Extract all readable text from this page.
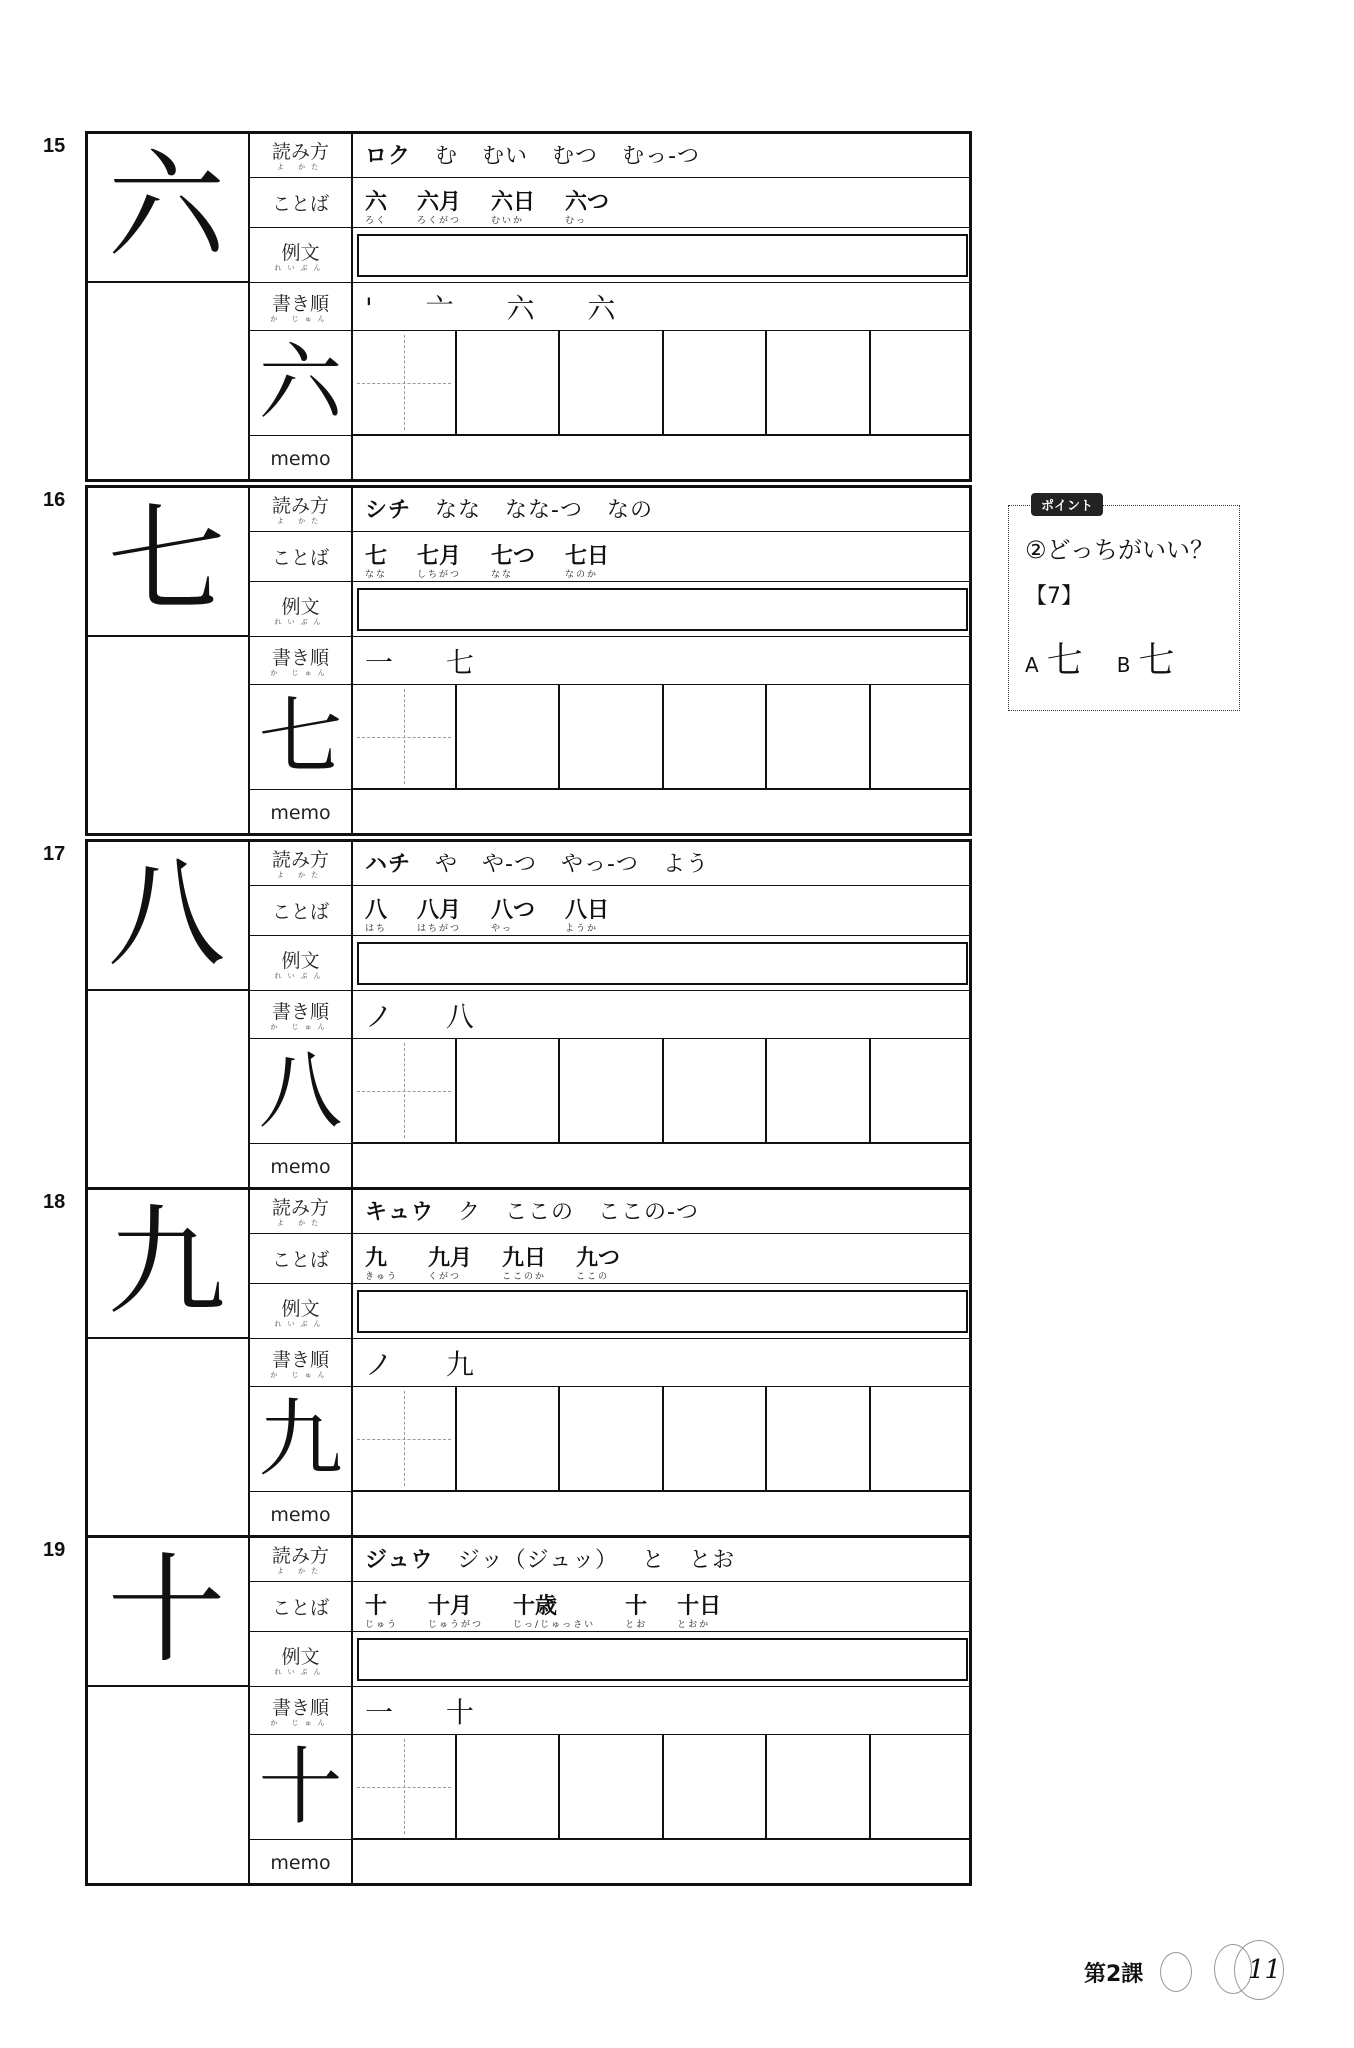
15 六 読み方
よ かた
ことば
例文
れいぶん
書き順
か じゅん
六
memo
ロク む むい むつ むっ-つ
六
ろく
六月
ろくがつ
六日
むいか
六つ
むっ
' 亠 六 六
16 七 読み方
よ かた
ことば
例文
れいぶん
書き順
か じゅん
七
memo
シチ なな なな-つ なの
七
なな
七月
しちがつ
七つ
なな
七日
なのか
一 七
17 八 読み方
よ かた
ことば
例文
れいぶん
書き順
か じゅん
八
memo
ハチ や や-つ やっ-つ よう
八
はち
八月
はちがつ
八つ
やっ
八日
ようか
ノ 八
18 九 読み方
よ かた
ことば
例文
れいぶん
書き順
か じゅん
九
memo
キュウ ク ここの ここの-つ
九
きゅう
九月
くがつ
九日
ここのか
九つ
ここの
ノ 九
19 十 読み方
よ かた
ことば
例文
れいぶん
書き順
か じゅん
十
memo
ジュウ ジッ（ジュッ） と とお
十
じゅう
十月
じゅうがつ
十歳
じっ/じゅっさい
十
とお
十日
とおか
一 十
ポイント
②どっちがいい？
【7】
A 七 B 七
第2課	11
